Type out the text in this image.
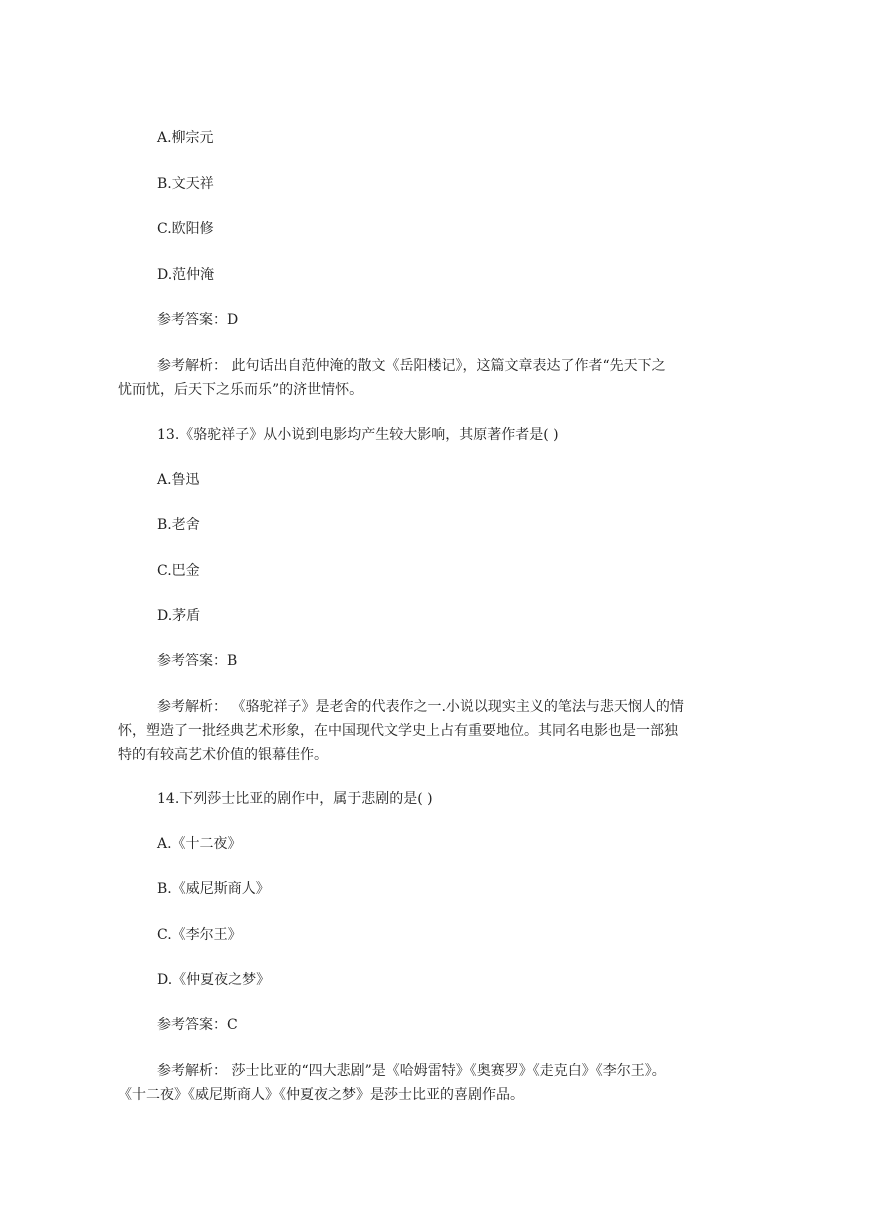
A.柳宗元
B.文天祥
C.欧阳修
D.范仲淹
参考答案：D
参考解析： 此句话出自范仲淹的散文《岳阳楼记》，这篇文章表达了作者“先天下之
忧而忧，后天下之乐而乐”的济世情怀。
13.《骆驼祥子》从小说到电影均产生较大影响，其原著作者是( )
A.鲁迅
B.老舍
C.巴金
D.茅盾
参考答案：B
参考解析： 《骆驼祥子》是老舍的代表作之一.小说以现实主义的笔法与悲天悯人的情
怀，塑造了一批经典艺术形象，在中国现代文学史上占有重要地位。其同名电影也是一部独
特的有较高艺术价值的银幕佳作。
14.下列莎士比亚的剧作中，属于悲剧的是( )
A.《十二夜》
B.《威尼斯商人》
C.《李尔王》
D.《仲夏夜之梦》
参考答案：C
参考解析： 莎士比亚的“四大悲剧”是《哈姆雷特》《奥赛罗》《走克白》《李尔王》。
《十二夜》《威尼斯商人》《仲夏夜之梦》是莎士比亚的喜剧作品。
